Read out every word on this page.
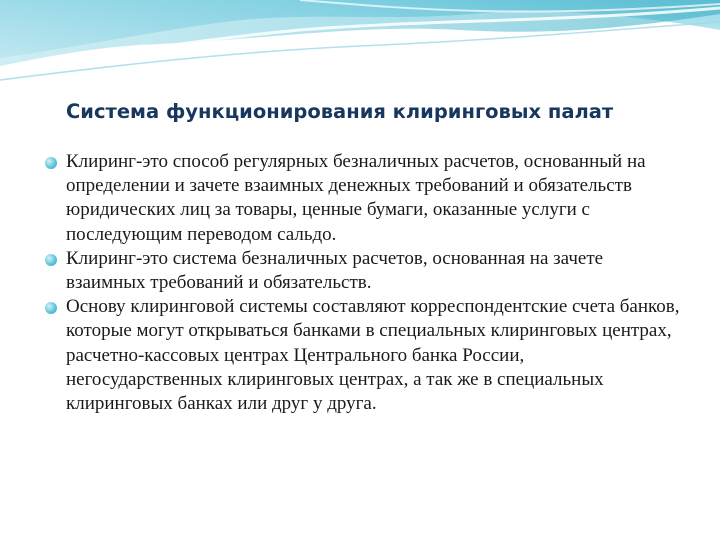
Система функционирования клиринговых палат
Клиринг-это способ регулярных безналичных расчетов, основанный на определении и зачете взаимных денежных требований и обязательств юридических лиц за товары, ценные бумаги, оказанные услуги с последующим переводом сальдо.
Клиринг-это система безналичных расчетов, основанная на зачете взаимных требований и обязательств.
Основу клиринговой системы составляют корреспондентские счета банков, которые могут открываться банками в специальных клиринговых центрах, расчетно-кассовых центрах Центрального банка России, негосударственных клиринговых центрах, а так же в специальных клиринговых банках или друг у друга.
